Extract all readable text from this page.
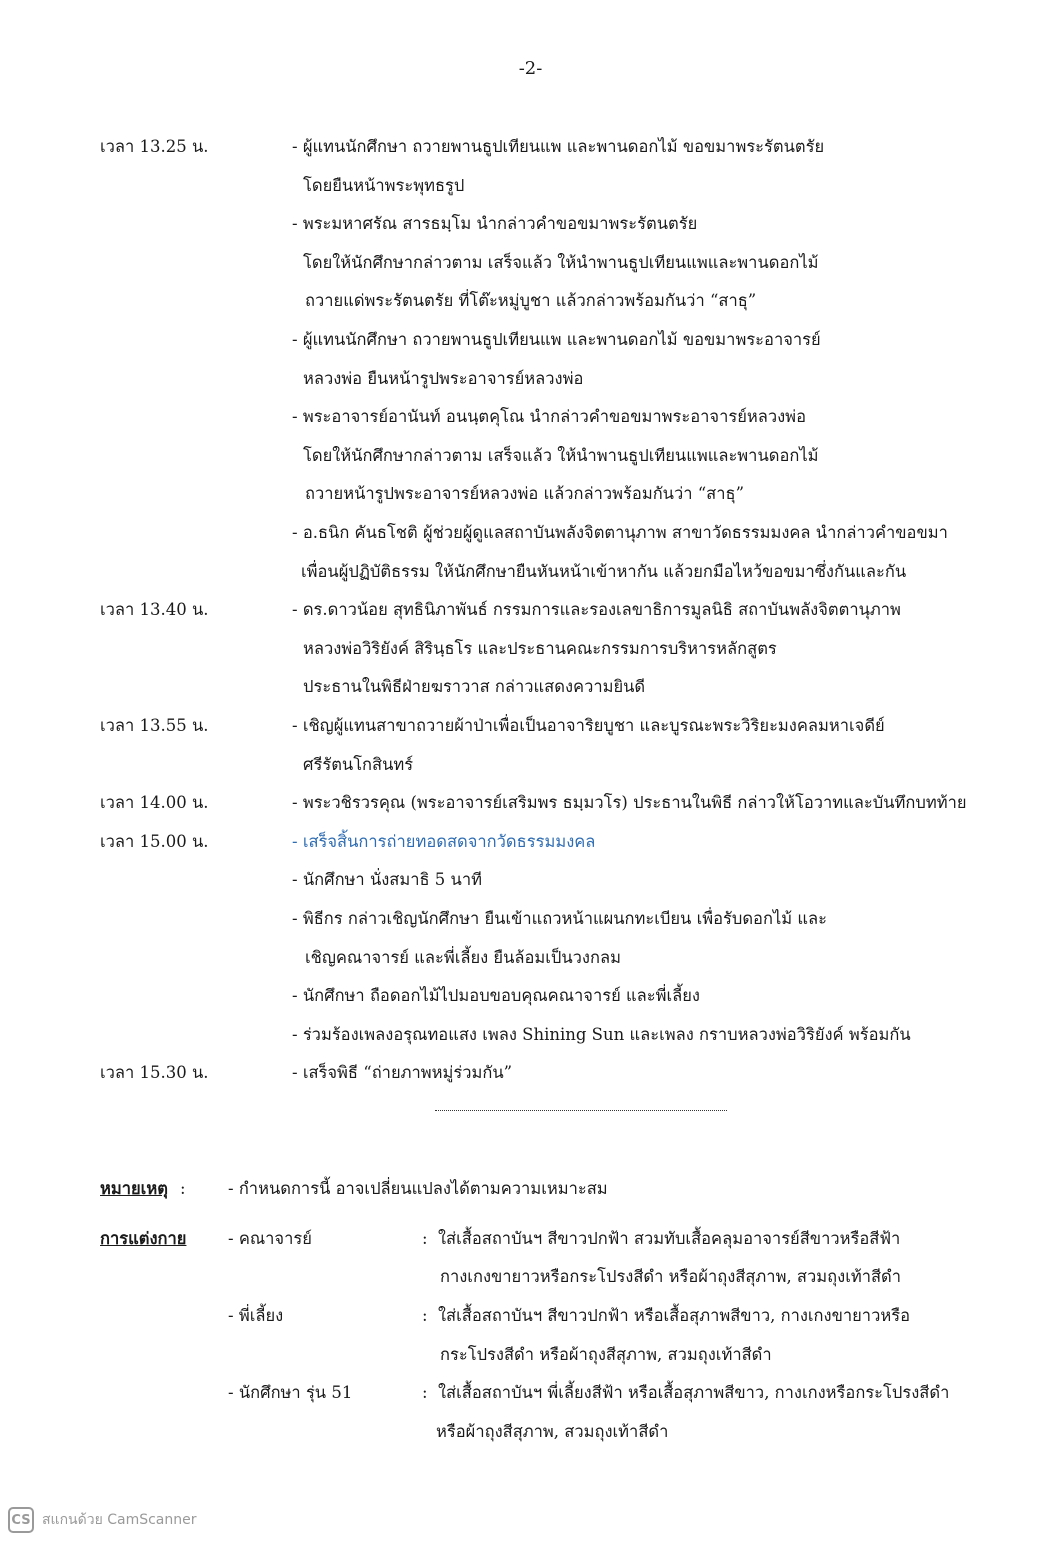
-2-
เวลา 13.25 น.	- ผู้แทนนักศึกษา ถวายพานธูปเทียนแพ และพานดอกไม้ ขอขมาพระรัตนตรัย
โดยยืนหน้าพระพุทธรูป
- พระมหาศรัณ สารธมฺโม นำกล่าวคำขอขมาพระรัตนตรัย
โดยให้นักศึกษากล่าวตาม เสร็จแล้ว ให้นำพานธูปเทียนแพและพานดอกไม้
ถวายแด่พระรัตนตรัย ที่โต๊ะหมู่บูชา แล้วกล่าวพร้อมกันว่า “สาธุ”
- ผู้แทนนักศึกษา ถวายพานธูปเทียนแพ และพานดอกไม้ ขอขมาพระอาจารย์
หลวงพ่อ ยืนหน้ารูปพระอาจารย์หลวงพ่อ
- พระอาจารย์อานันท์ อนนฺตคุโณ นำกล่าวคำขอขมาพระอาจารย์หลวงพ่อ
โดยให้นักศึกษากล่าวตาม เสร็จแล้ว ให้นำพานธูปเทียนแพและพานดอกไม้
ถวายหน้ารูปพระอาจารย์หลวงพ่อ แล้วกล่าวพร้อมกันว่า “สาธุ”
- อ.ธนิก คันธโชติ ผู้ช่วยผู้ดูแลสถาบันพลังจิตตานุภาพ สาขาวัดธรรมมงคล นำกล่าวคำขอขมา
เพื่อนผู้ปฏิบัติธรรม ให้นักศึกษายืนหันหน้าเข้าหากัน แล้วยกมือไหว้ขอขมาซึ่งกันและกัน
เวลา 13.40 น.	- ดร.ดาวน้อย สุทธินิภาพันธ์ กรรมการและรองเลขาธิการมูลนิธิ สถาบันพลังจิตตานุภาพ
หลวงพ่อวิริยังค์ สิรินฺธโร และประธานคณะกรรมการบริหารหลักสูตร
ประธานในพิธีฝ่ายฆราวาส กล่าวแสดงความยินดี
เวลา 13.55 น.	- เชิญผู้แทนสาขาถวายผ้าป่าเพื่อเป็นอาจาริยบูชา และบูรณะพระวิริยะมงคลมหาเจดีย์
ศรีรัตนโกสินทร์
เวลา 14.00 น.	- พระวชิรวรคุณ (พระอาจารย์เสริมพร ธมฺมวโร) ประธานในพิธี กล่าวให้โอวาทและบันทึกบทท้าย
เวลา 15.00 น.	- เสร็จสิ้นการถ่ายทอดสดจากวัดธรรมมงคล
- นักศึกษา นั่งสมาธิ 5 นาที
- พิธีกร กล่าวเชิญนักศึกษา ยืนเข้าแถวหน้าแผนกทะเบียน เพื่อรับดอกไม้ และ
เชิญคณาจารย์ และพี่เลี้ยง ยืนล้อมเป็นวงกลม
- นักศึกษา ถือดอกไม้ไปมอบขอบคุณคณาจารย์ และพี่เลี้ยง
- ร่วมร้องเพลงอรุณทอแสง เพลง Shining Sun และเพลง กราบหลวงพ่อวิริยังค์ พร้อมกัน
เวลา 15.30 น.	- เสร็จพิธี “ถ่ายภาพหมู่ร่วมกัน”
หมายเหตุ :	- กำหนดการนี้ อาจเปลี่ยนแปลงได้ตามความเหมาะสม
การแต่งกาย	- คณาจารย์	: ใส่เสื้อสถาบันฯ สีขาวปกฟ้า สวมทับเสื้อคลุมอาจารย์สีขาวหรือสีฟ้า
กางเกงขายาวหรือกระโปรงสีดำ หรือผ้าถุงสีสุภาพ, สวมถุงเท้าสีดำ
- พี่เลี้ยง	: ใส่เสื้อสถาบันฯ สีขาวปกฟ้า หรือเสื้อสุภาพสีขาว, กางเกงขายาวหรือ
กระโปรงสีดำ หรือผ้าถุงสีสุภาพ, สวมถุงเท้าสีดำ
- นักศึกษา รุ่น 51	: ใส่เสื้อสถาบันฯ พี่เลี้ยงสีฟ้า หรือเสื้อสุภาพสีขาว, กางเกงหรือกระโปรงสีดำ
หรือผ้าถุงสีสุภาพ, สวมถุงเท้าสีดำ
CS สแกนด้วย CamScanner
